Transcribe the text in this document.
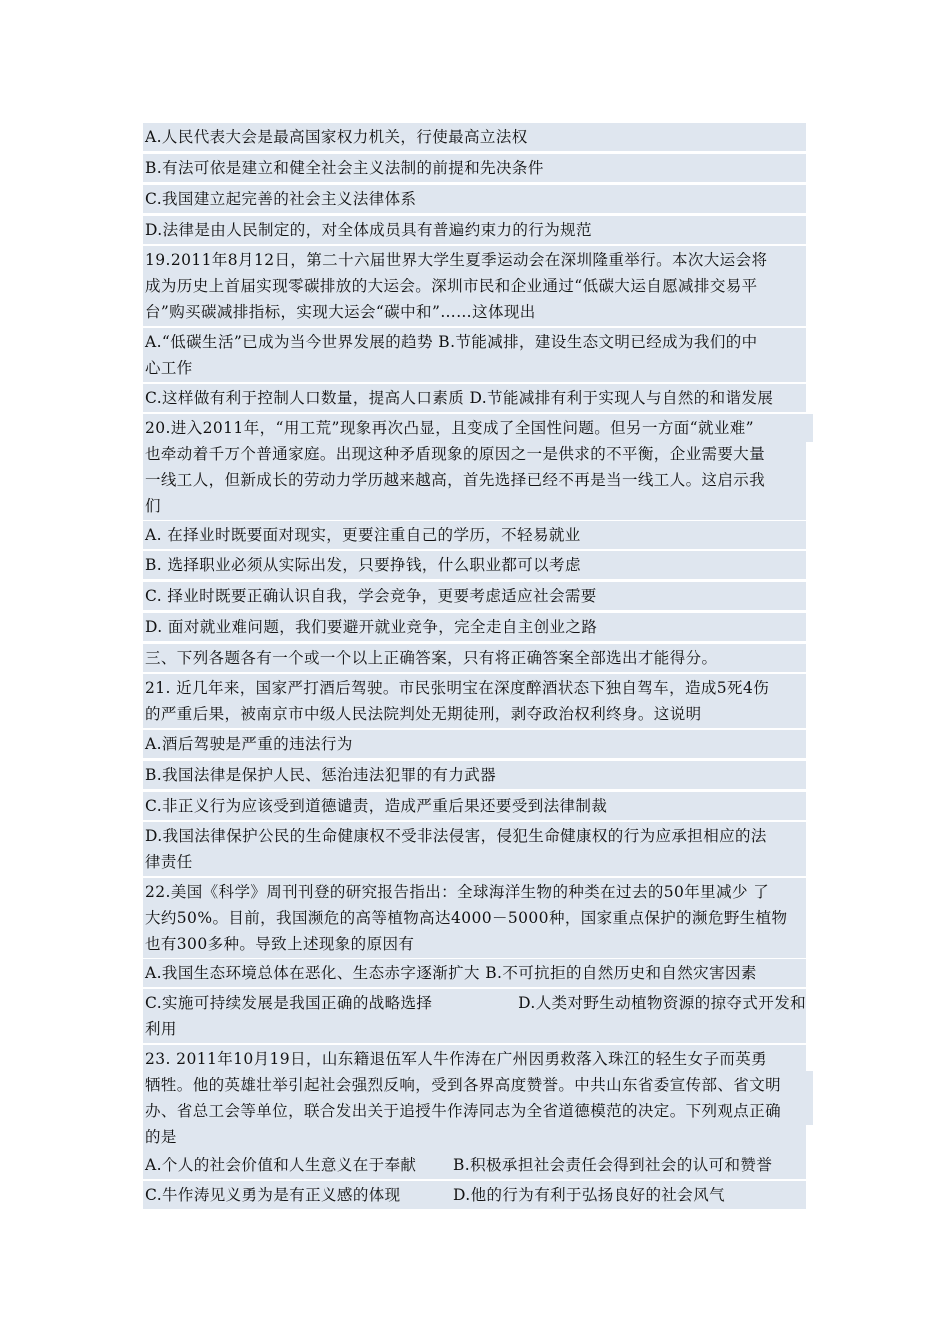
A.人民代表大会是最高国家权力机关，行使最高立法权
B.有法可依是建立和健全社会主义法制的前提和先决条件
C.我国建立起完善的社会主义法律体系
D.法律是由人民制定的，对全体成员具有普遍约束力的行为规范
19.2011年8月12日，第二十六届世界大学生夏季运动会在深圳隆重举行。本次大运会将
成为历史上首届实现零碳排放的大运会。深圳市民和企业通过“低碳大运自愿减排交易平
台”购买碳减排指标，实现大运会“碳中和”……这体现出
A.“低碳生活”已成为当今世界发展的趋势 B.节能减排，建设生态文明已经成为我们的中
心工作
C.这样做有利于控制人口数量，提高人口素质 D.节能减排有利于实现人与自然的和谐发展
20.进入2011年，“用工荒”现象再次凸显，且变成了全国性问题。但另一方面“就业难”
也牵动着千万个普通家庭。出现这种矛盾现象的原因之一是供求的不平衡，企业需要大量
一线工人，但新成长的劳动力学历越来越高，首先选择已经不再是当一线工人。这启示我
们
A. 在择业时既要面对现实，更要注重自己的学历，不轻易就业
B. 选择职业必须从实际出发，只要挣钱，什么职业都可以考虑
C. 择业时既要正确认识自我，学会竞争，更要考虑适应社会需要
D. 面对就业难问题，我们要避开就业竞争，完全走自主创业之路
三、下列各题各有一个或一个以上正确答案，只有将正确答案全部选出才能得分。
21. 近几年来，国家严打酒后驾驶。市民张明宝在深度醉酒状态下独自驾车，造成5死4伤
的严重后果，被南京市中级人民法院判处无期徒刑，剥夺政治权利终身。这说明
A.酒后驾驶是严重的违法行为
B.我国法律是保护人民、惩治违法犯罪的有力武器
C.非正义行为应该受到道德谴责，造成严重后果还要受到法律制裁
D.我国法律保护公民的生命健康权不受非法侵害，侵犯生命健康权的行为应承担相应的法
律责任
22.美国《科学》周刊刊登的研究报告指出：全球海洋生物的种类在过去的50年里减少 了
大约50%。目前，我国濒危的高等植物高达4000－5000种，国家重点保护的濒危野生植物
也有300多种。导致上述现象的原因有
A.我国生态环境总体在恶化、生态赤字逐渐扩大 B.不可抗拒的自然历史和自然灾害因素
C.实施可持续发展是我国正确的战略选择	D.人类对野生动植物资源的掠夺式开发和
利用
23. 2011年10月19日，山东籍退伍军人牛作涛在广州因勇救落入珠江的轻生女子而英勇
牺牲。他的英雄壮举引起社会强烈反响，受到各界高度赞誉。中共山东省委宣传部、省文明
办、省总工会等单位，联合发出关于追授牛作涛同志为全省道德模范的决定。下列观点正确
的是
A.个人的社会价值和人生意义在于奉献 B.积极承担社会责任会得到社会的认可和赞誉
C.牛作涛见义勇为是有正义感的体现	D.他的行为有利于弘扬良好的社会风气
